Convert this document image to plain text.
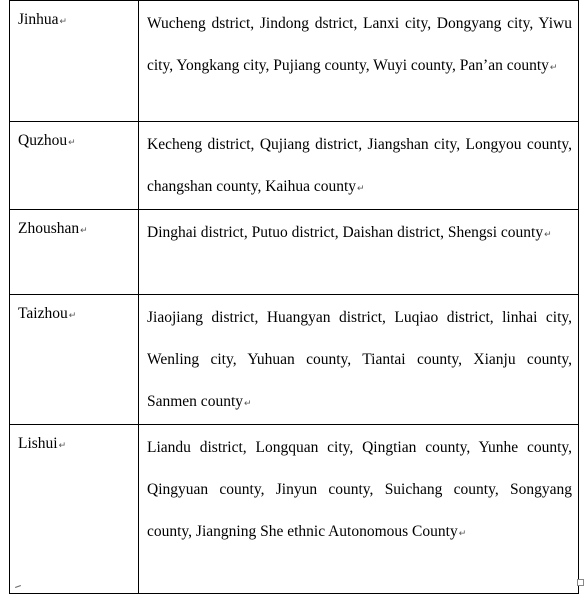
Jinhua↵	Wucheng dstrict, Jindong dstrict, Lanxi city, Dongyang city, Yiwu city, Yongkang city, Pujiang county, Wuyi county, Pan’an county↵
Quzhou↵	Kecheng district, Qujiang district, Jiangshan city, Longyou county, changshan county, Kaihua county↵
Zhoushan↵	Dinghai district, Putuo district, Daishan district, Shengsi county↵
Taizhou↵	Jiaojiang district, Huangyan district, Luqiao district, linhai city, Wenling city, Yuhuan county, Tiantai county, Xianju county, Sanmen county↵
Lishui↵	Liandu district, Longquan city, Qingtian county, Yunhe county, Qingyuan county, Jinyun county, Suichang county, Songyang county, Jiangning She ethnic Autonomous County↵
